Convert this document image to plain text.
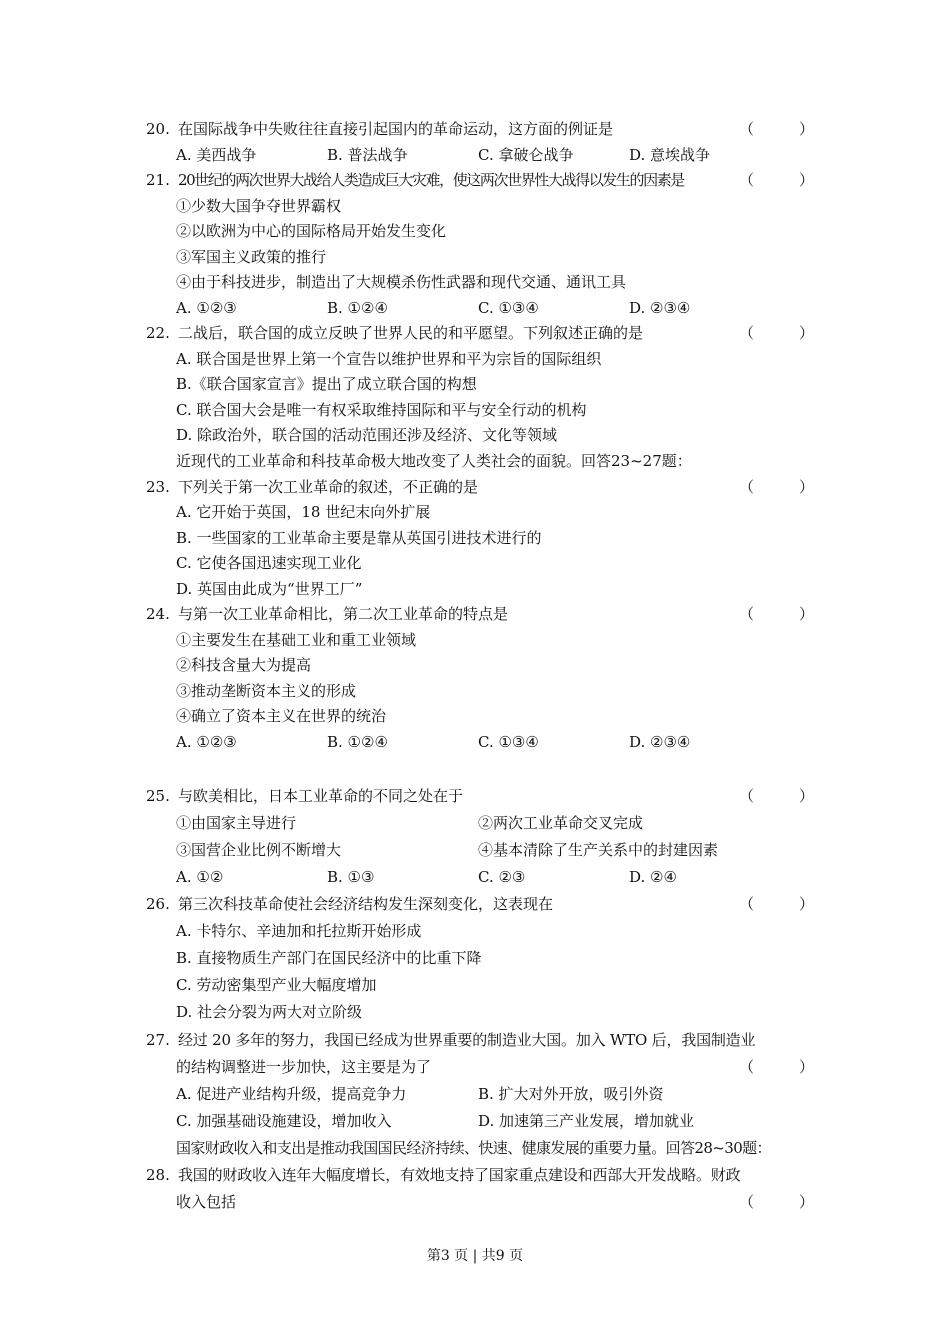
20. 在国际战争中失败往往直接引起国内的革命运动，这方面的例证是	（　　　）
A. 美西战争	B. 普法战争	C. 拿破仑战争	D. 意埃战争
21. 20世纪的两次世界大战给人类造成巨大灾难，使这两次世界性大战得以发生的因素是	（　　　）
①少数大国争夺世界霸权
②以欧洲为中心的国际格局开始发生变化
③军国主义政策的推行
④由于科技进步，制造出了大规模杀伤性武器和现代交通、通讯工具
A. ①②③	B. ①②④	C. ①③④	D. ②③④
22. 二战后，联合国的成立反映了世界人民的和平愿望。下列叙述正确的是	（　　　）
A. 联合国是世界上第一个宣告以维护世界和平为宗旨的国际组织
B.《联合国家宣言》提出了成立联合国的构想
C. 联合国大会是唯一有权采取维持国际和平与安全行动的机构
D. 除政治外，联合国的活动范围还涉及经济、文化等领域
近现代的工业革命和科技革命极大地改变了人类社会的面貌。回答23~27题：
23. 下列关于第一次工业革命的叙述，不正确的是	（　　　）
A. 它开始于英国，18 世纪末向外扩展
B. 一些国家的工业革命主要是靠从英国引进技术进行的
C. 它使各国迅速实现工业化
D. 英国由此成为“世界工厂”
24. 与第一次工业革命相比，第二次工业革命的特点是	（　　　）
①主要发生在基础工业和重工业领域
②科技含量大为提高
③推动垄断资本主义的形成
④确立了资本主义在世界的统治
A. ①②③	B. ①②④	C. ①③④	D. ②③④
25. 与欧美相比，日本工业革命的不同之处在于	（　　　）
①由国家主导进行	②两次工业革命交叉完成
③国营企业比例不断增大	④基本清除了生产关系中的封建因素
A. ①②	B. ①③	C. ②③	D. ②④
26. 第三次科技革命使社会经济结构发生深刻变化，这表现在	（　　　）
A. 卡特尔、辛迪加和托拉斯开始形成
B. 直接物质生产部门在国民经济中的比重下降
C. 劳动密集型产业大幅度增加
D. 社会分裂为两大对立阶级
27. 经过 20 多年的努力，我国已经成为世界重要的制造业大国。加入 WTO 后，我国制造业
的结构调整进一步加快，这主要是为了	（　　　）
A. 促进产业结构升级，提高竞争力	B. 扩大对外开放，吸引外资
C. 加强基础设施建设，增加收入	D. 加速第三产业发展，增加就业
国家财政收入和支出是推动我国国民经济持续、快速、健康发展的重要力量。回答28~30题：
28. 我国的财政收入连年大幅度增长，有效地支持了国家重点建设和西部大开发战略。财政
收入包括	（　　　）
第3 页 | 共9 页
